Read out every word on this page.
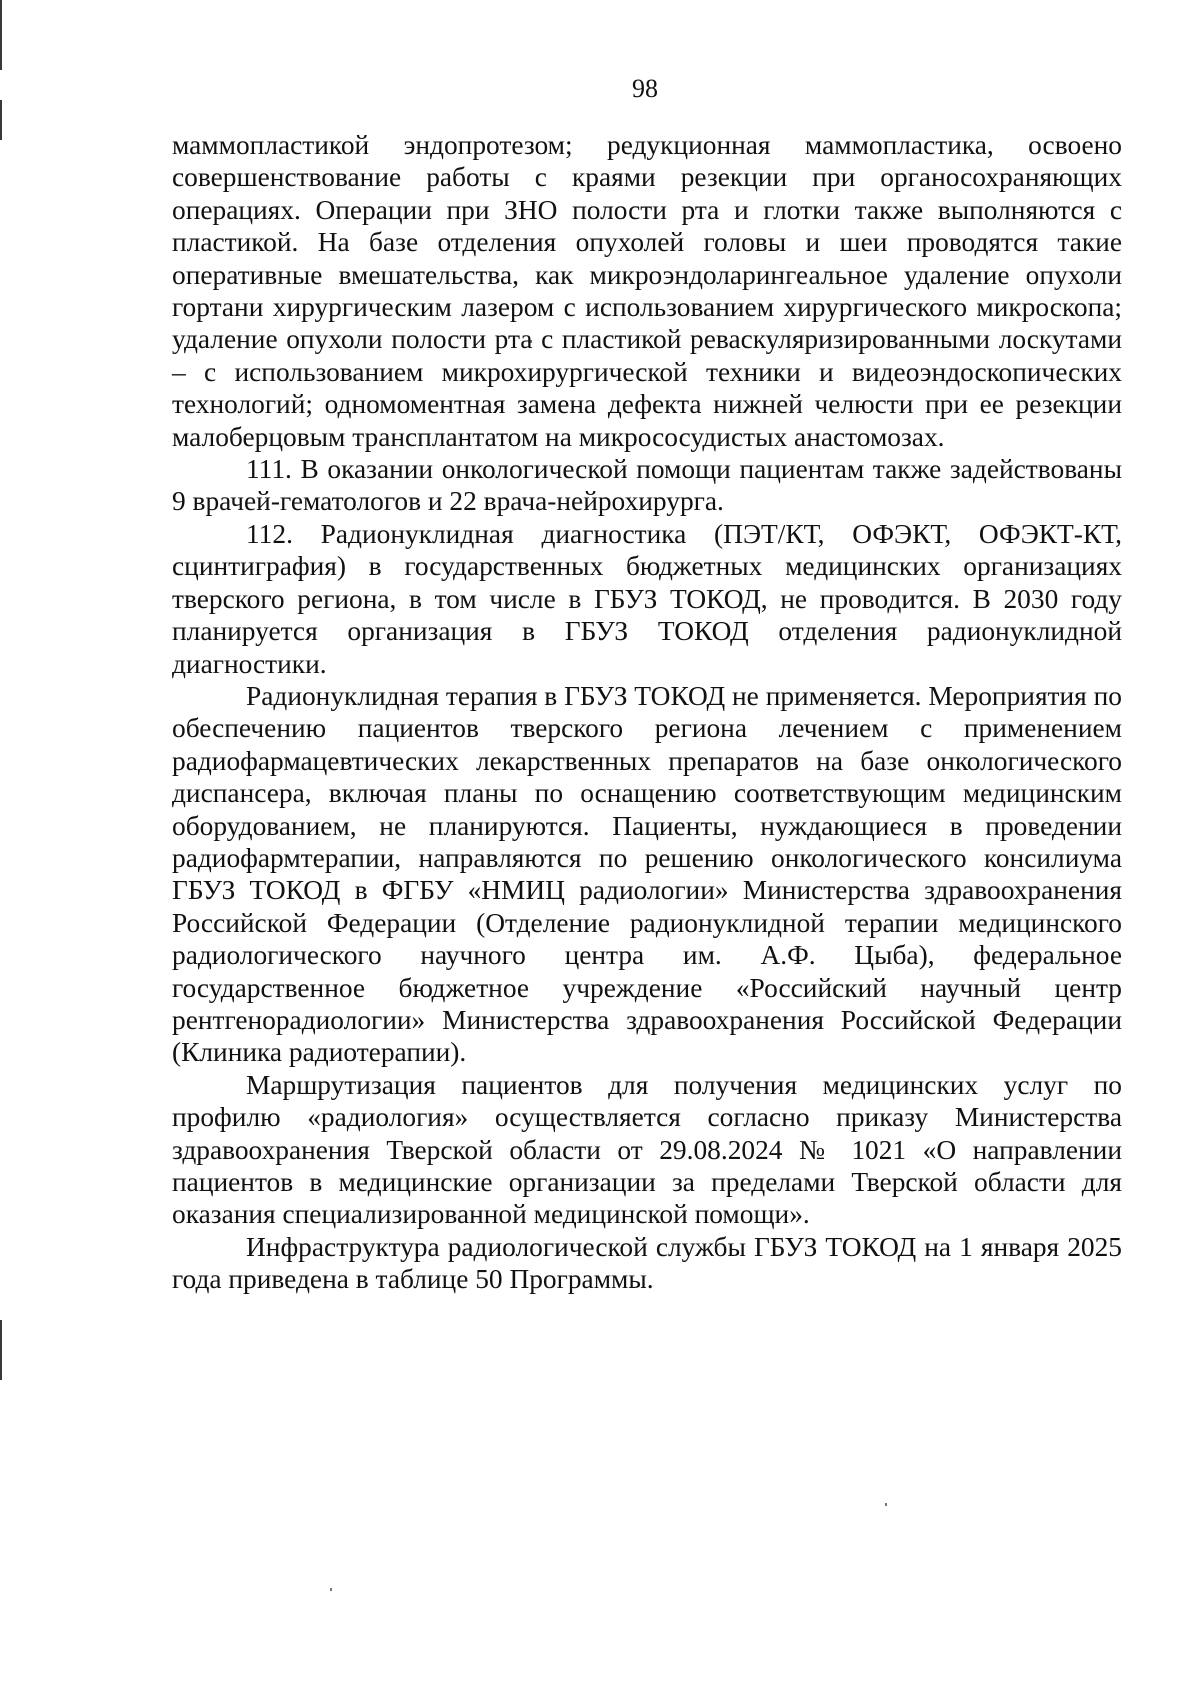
98

маммопластикой эндопротезом; редукционная маммопластика, освоено совершенствование работы с краями резекции при органосохраняющих операциях. Операции при ЗНО полости рта и глотки также выполняются с пластикой. На базе отделения опухолей головы и шеи проводятся такие оперативные вмешательства, как микроэндоларингеальное удаление опухоли гортани хирургическим лазером с использованием хирургического микроскопа; удаление опухоли полости рта с пластикой реваскуляризированными лоскутами – с использованием микрохирургической техники и видеоэндоскопических технологий; одномоментная замена дефекта нижней челюсти при ее резекции малоберцовым трансплантатом на микрососудистых анастомозах.

111. В оказании онкологической помощи пациентам также задействованы 9 врачей-гематологов и 22 врача-нейрохирурга.

112. Радионуклидная диагностика (ПЭТ/КТ, ОФЭКТ, ОФЭКТ-КТ, сцинтиграфия) в государственных бюджетных медицинских организациях тверского региона, в том числе в ГБУЗ ТОКОД, не проводится. В 2030 году планируется организация в ГБУЗ ТОКОД отделения радионуклидной диагностики.

Радионуклидная терапия в ГБУЗ ТОКОД не применяется. Мероприятия по обеспечению пациентов тверского региона лечением с применением радиофармацевтических лекарственных препаратов на базе онкологического диспансера, включая планы по оснащению соответствующим медицинским оборудованием, не планируются. Пациенты, нуждающиеся в проведении радиофармтерапии, направляются по решению онкологического консилиума ГБУЗ ТОКОД в ФГБУ «НМИЦ радиологии» Министерства здравоохранения Российской Федерации (Отделение радионуклидной терапии медицинского радиологического научного центра им. А.Ф. Цыба), федеральное государственное бюджетное учреждение «Российский научный центр рентгенорадиологии» Министерства здравоохранения Российской Федерации (Клиника радиотерапии).

Маршрутизация пациентов для получения медицинских услуг по профилю «радиология» осуществляется согласно приказу Министерства здравоохранения Тверской области от 29.08.2024 № 1021 «О направлении пациентов в медицинские организации за пределами Тверской области для оказания специализированной медицинской помощи».

Инфраструктура радиологической службы ГБУЗ ТОКОД на 1 января 2025 года приведена в таблице 50 Программы.
